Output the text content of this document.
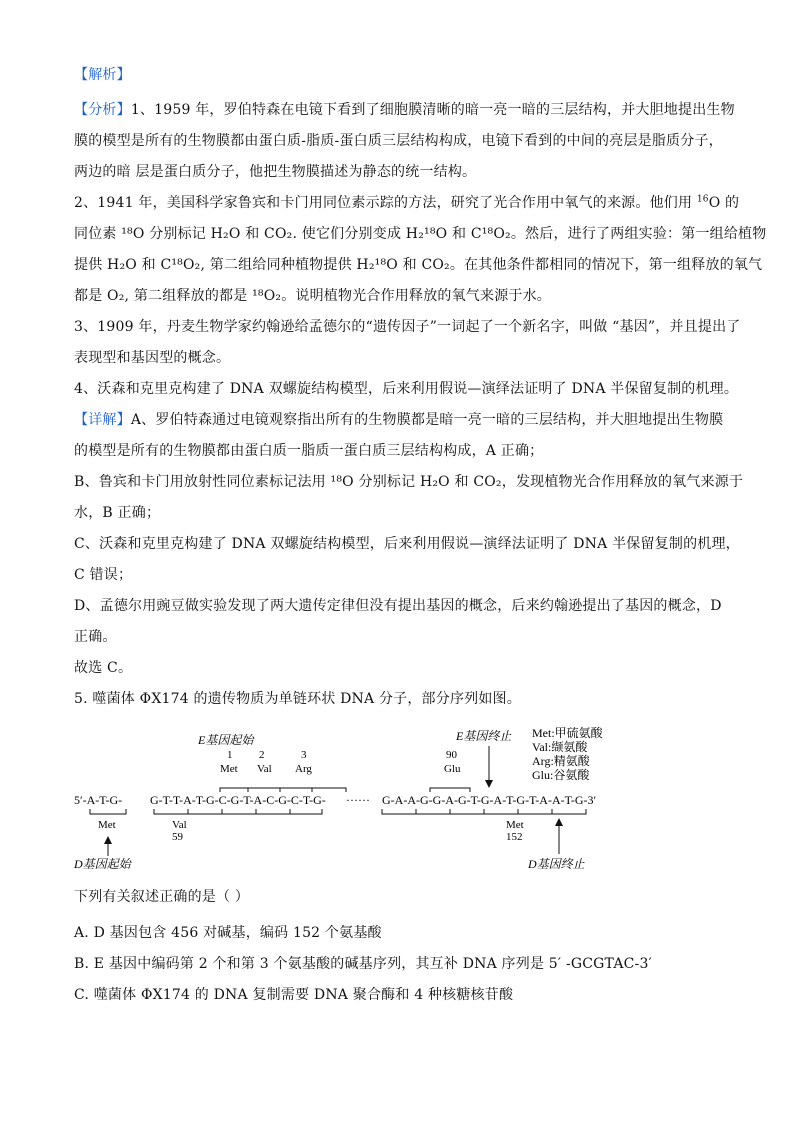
【解析】
【分析】1、1959 年，罗伯特森在电镜下看到了细胞膜清晰的暗一亮一暗的三层结构，并大胆地提出生物
膜的模型是所有的生物膜都由蛋白质-脂质-蛋白质三层结构构成，电镜下看到的中间的亮层是脂质分子，
两边的暗 层是蛋白质分子，他把生物膜描述为静态的统一结构。
2、1941 年，美国科学家鲁宾和卡门用同位素示踪的方法，研究了光合作用中氧气的来源。他们用 $^{16}$O 的
同位素 ¹⁸O 分别标记 H₂O 和 CO₂. 使它们分别变成 H₂¹⁸O 和 C¹⁸O₂。然后，进行了两组实验：第一组给植物
提供 H₂O 和 C¹⁸O₂, 第二组给同种植物提供 H₂¹⁸O 和 CO₂。在其他条件都相同的情况下，第一组释放的氧气
都是 O₂, 第二组释放的都是 ¹⁸O₂。说明植物光合作用释放的氧气来源于水。
3、1909 年，丹麦生物学家约翰逊给孟德尔的“遗传因子”一词起了一个新名字，叫做 “基因”，并且提出了
表现型和基因型的概念。
4、沃森和克里克构建了 DNA 双螺旋结构模型，后来利用假说—演绎法证明了 DNA 半保留复制的机理。
【详解】A、罗伯特森通过电镜观察指出所有的生物膜都是暗一亮一暗的三层结构，并大胆地提出生物膜
的模型是所有的生物膜都由蛋白质一脂质一蛋白质三层结构构成，A 正确；
B、鲁宾和卡门用放射性同位素标记法用 ¹⁸O 分别标记 H₂O 和 CO₂，发现植物光合作用释放的氧气来源于
水，B 正确；
C、沃森和克里克构建了 DNA 双螺旋结构模型，后来利用假说—演绎法证明了 DNA 半保留复制的机理，
C 错误；
D、孟德尔用豌豆做实验发现了两大遗传定律但没有提出基因的概念，后来约翰逊提出了基因的概念，D
正确。
故选 C。
5. 噬菌体 ΦX174 的遗传物质为单链环状 DNA 分子，部分序列如图。
Met:甲硫氨酸
Val:缬氨酸
Arg:精氨酸
Glu:谷氨酸
E基因起始
1 2	3
Met Val Arg
E基因终止
90
Glu
5′-A-T-G- G-T-T-A-T-G-C-G-T-A-C-G-C-T-G- ······ G-A-A-G-G-A-G-T-G-A-T-G-T-A-A-T-G-3′
Met	Val
59
Met
152
D基因起始	D基因终止
下列有关叙述正确的是（ ）
A. D 基因包含 456 对碱基，编码 152 个氨基酸
B. E 基因中编码第 2 个和第 3 个氨基酸的碱基序列，其互补 DNA 序列是 5′ -GCGTAC-3′
C. 噬菌体 ΦX174 的 DNA 复制需要 DNA 聚合酶和 4 种核糖核苷酸
